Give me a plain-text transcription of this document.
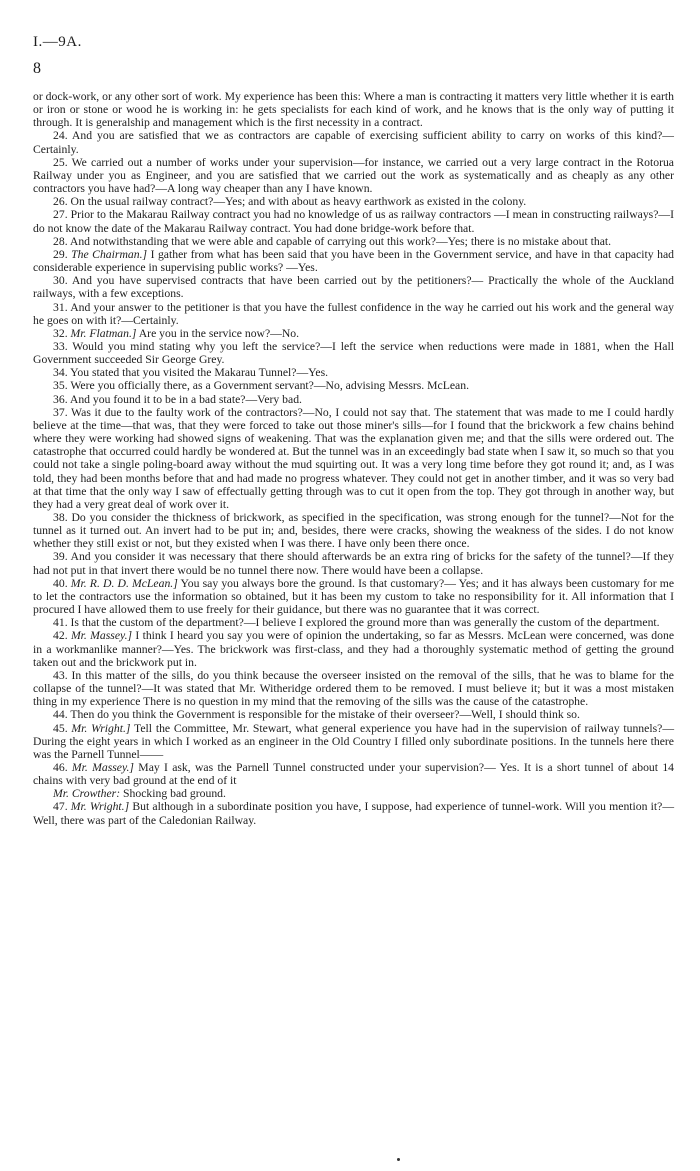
I.—9A.
8

or dock-work, or any other sort of work. My experience has been this: Where a man is contracting it matters very little whether it is earth or iron or stone or wood he is working in: he gets specialists for each kind of work, and he knows that is the only way of putting it through. It is generalship and management which is the first necessity in a contract.

24. And you are satisfied that we as contractors are capable of exercising sufficient ability to carry on works of this kind?—Certainly.

25. We carried out a number of works under your supervision—for instance, we carried out a very large contract in the Rotorua Railway under you as Engineer, and you are satisfied that we carried out the work as systematically and as cheaply as any other contractors you have had?—A long way cheaper than any I have known.

26. On the usual railway contract?—Yes; and with about as heavy earthwork as existed in the colony.

27. Prior to the Makarau Railway contract you had no knowledge of us as railway contractors —I mean in constructing railways?—I do not know the date of the Makarau Railway contract. You had done bridge-work before that.

28. And notwithstanding that we were able and capable of carrying out this work?—Yes; there is no mistake about that.

29. The Chairman.] I gather from what has been said that you have been in the Government service, and have in that capacity had considerable experience in supervising public works? —Yes.

30. And you have supervised contracts that have been carried out by the petitioners?— Practically the whole of the Auckland railways, with a few exceptions.

31. And your answer to the petitioner is that you have the fullest confidence in the way he carried out his work and the general way he goes on with it?—Certainly.

32. Mr. Flatman.] Are you in the service now?—No.

33. Would you mind stating why you left the service?—I left the service when reductions were made in 1881, when the Hall Government succeeded Sir George Grey.

34. You stated that you visited the Makarau Tunnel?—Yes.

35. Were you officially there, as a Government servant?—No, advising Messrs. McLean.

36. And you found it to be in a bad state?—Very bad.

37. Was it due to the faulty work of the contractors?—No, I could not say that. The statement that was made to me I could hardly believe at the time—that was, that they were forced to take out those miner's sills—for I found that the brickwork a few chains behind where they were working had showed signs of weakening. That was the explanation given me; and that the sills were ordered out. The catastrophe that occurred could hardly be wondered at. But the tunnel was in an exceedingly bad state when I saw it, so much so that you could not take a single poling-board away without the mud squirting out. It was a very long time before they got round it; and, as I was told, they had been months before that and had made no progress whatever. They could not get in another timber, and it was so very bad at that time that the only way I saw of effectually getting through was to cut it open from the top. They got through in another way, but they had a very great deal of work over it.

38. Do you consider the thickness of brickwork, as specified in the specification, was strong enough for the tunnel?—Not for the tunnel as it turned out. An invert had to be put in; and, besides, there were cracks, showing the weakness of the sides. I do not know whether they still exist or not, but they existed when I was there. I have only been there once.

39. And you consider it was necessary that there should afterwards be an extra ring of bricks for the safety of the tunnel?—If they had not put in that invert there would be no tunnel there now. There would have been a collapse.

40. Mr. R. D. D. McLean.] You say you always bore the ground. Is that customary?— Yes; and it has always been customary for me to let the contractors use the information so obtained, but it has been my custom to take no responsibility for it. All information that I procured I have allowed them to use freely for their guidance, but there was no guarantee that it was correct.

41. Is that the custom of the department?—I believe I explored the ground more than was generally the custom of the department.

42. Mr. Massey.] I think I heard you say you were of opinion the undertaking, so far as Messrs. McLean were concerned, was done in a workmanlike manner?—Yes. The brickwork was first-class, and they had a thoroughly systematic method of getting the ground taken out and the brickwork put in.

43. In this matter of the sills, do you think because the overseer insisted on the removal of the sills, that he was to blame for the collapse of the tunnel?—It was stated that Mr. Witheridge ordered them to be removed. I must believe it; but it was a most mistaken thing in my experience There is no question in my mind that the removing of the sills was the cause of the catastrophe.

44. Then do you think the Government is responsible for the mistake of their overseer?—Well, I should think so.

45. Mr. Wright.] Tell the Committee, Mr. Stewart, what general experience you have had in the supervision of railway tunnels?—During the eight years in which I worked as an engineer in the Old Country I filled only subordinate positions. In the tunnels here there was the Parnell Tunnel——

46. Mr. Massey.] May I ask, was the Parnell Tunnel constructed under your supervision?— Yes. It is a short tunnel of about 14 chains with very bad ground at the end of it

Mr. Crowther: Shocking bad ground.

47. Mr. Wright.] But although in a subordinate position you have, I suppose, had experience of tunnel-work. Will you mention it?—Well, there was part of the Caledonian Railway.
